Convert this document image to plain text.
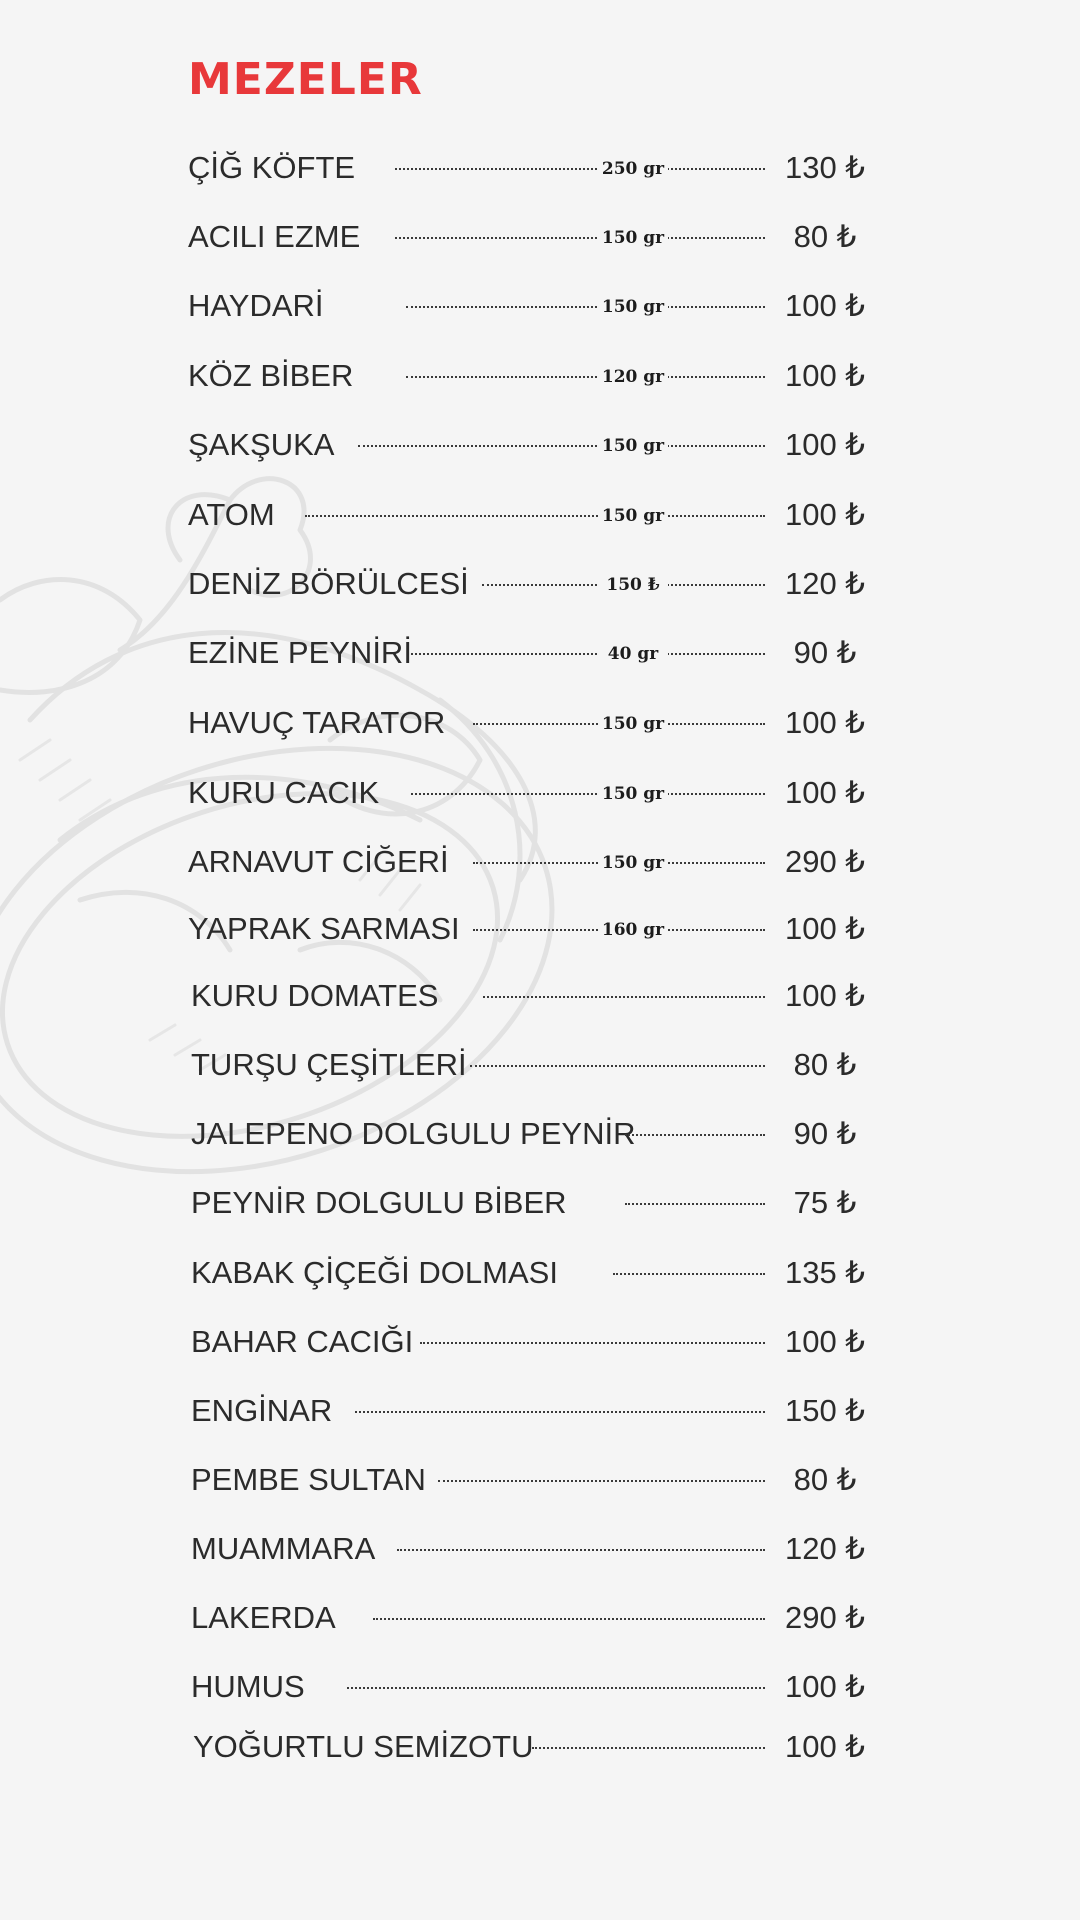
MEZELER
ÇİĞ KÖFTE	250 gr	130 ₺
ACILI EZME	150 gr	80 ₺
HAYDARİ	150 gr	100 ₺
KÖZ BİBER	120 gr	100 ₺
ŞAKŞUKA	150 gr	100 ₺
ATOM	150 gr	100 ₺
DENİZ BÖRÜLCESİ	150 ₺	120 ₺
EZİNE PEYNİRİ	40 gr	90 ₺
HAVUÇ TARATOR	150 gr	100 ₺
KURU CACIK	150 gr	100 ₺
ARNAVUT CİĞERİ	150 gr	290 ₺
YAPRAK SARMASI	160 gr	100 ₺
KURU DOMATES	100 ₺
TURŞU ÇEŞİTLERİ	80 ₺
JALEPENO DOLGULU PEYNİR	90 ₺
PEYNİR DOLGULU BİBER	75 ₺
KABAK ÇİÇEĞİ DOLMASI	135 ₺
BAHAR CACIĞI	100 ₺
ENGİNAR	150 ₺
PEMBE SULTAN	80 ₺
MUAMMARA	120 ₺
LAKERDA	290 ₺
HUMUS	100 ₺
YOĞURTLU SEMİZOTU	100 ₺
